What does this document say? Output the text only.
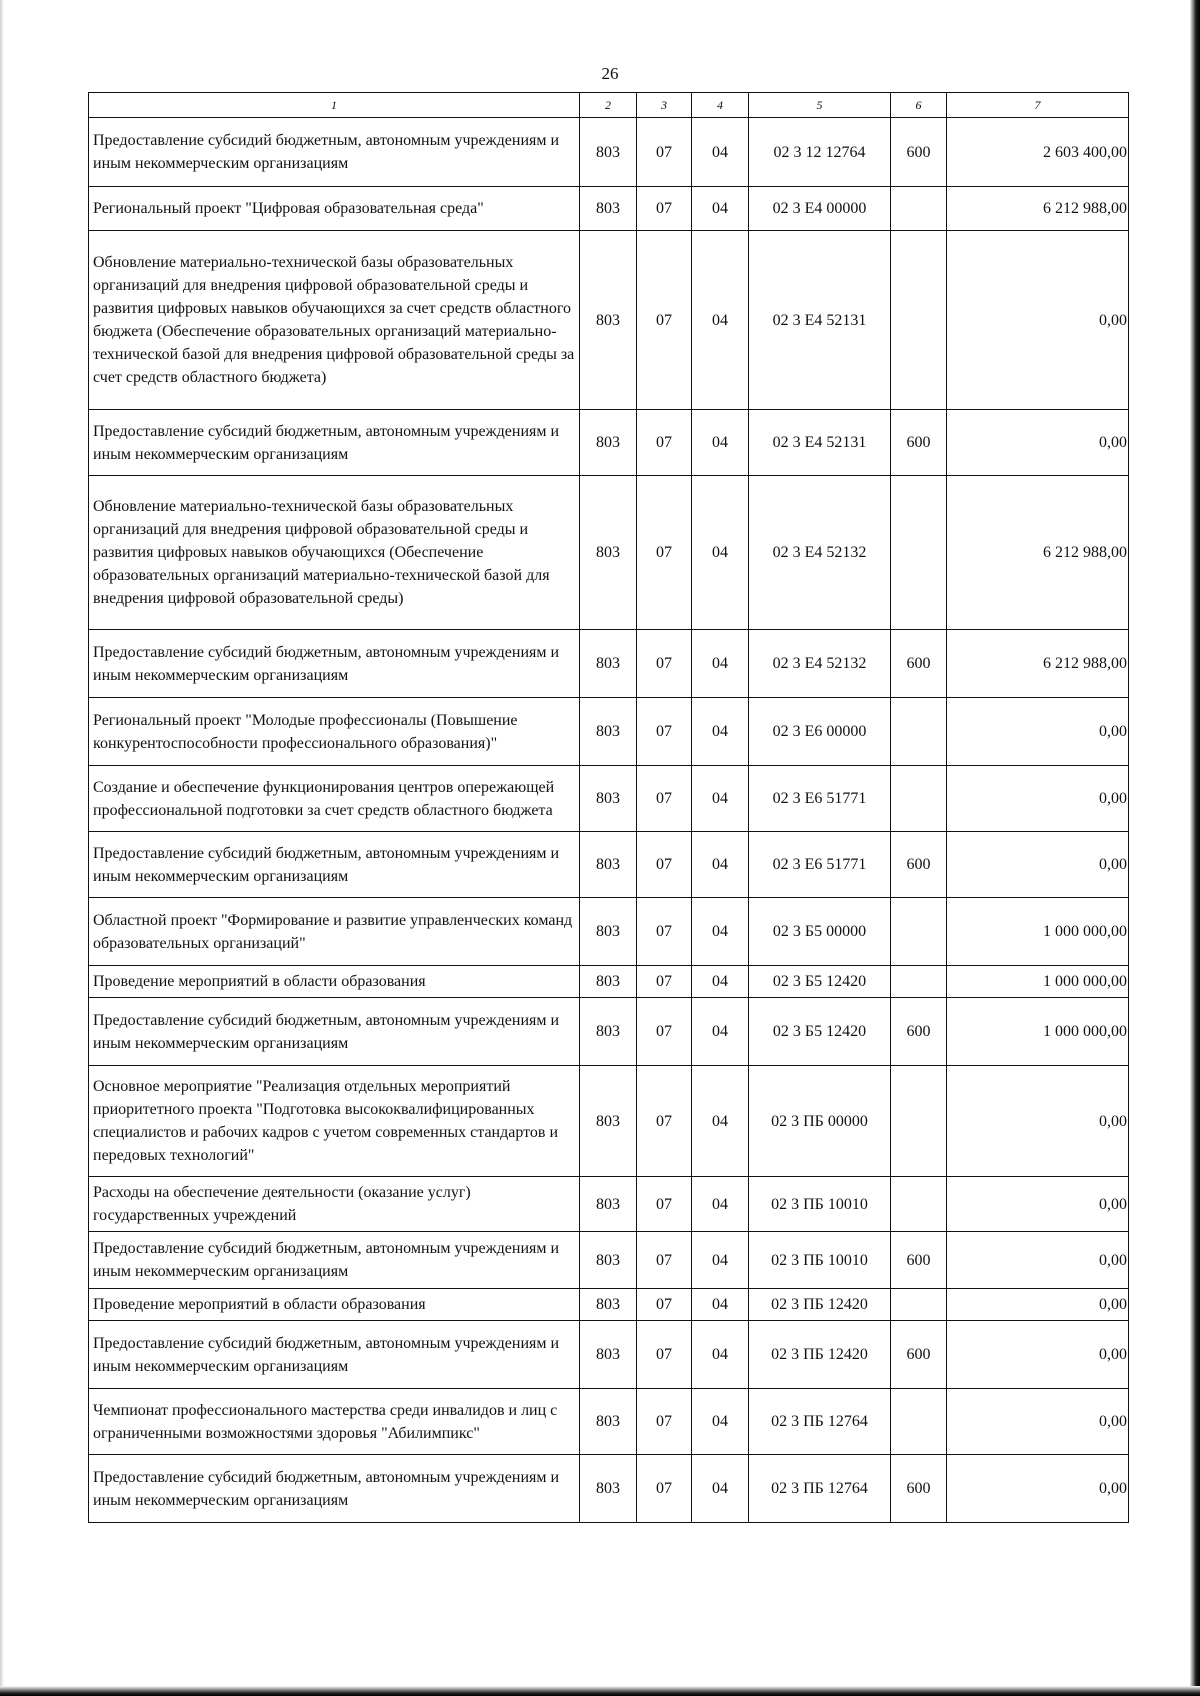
26
1	2	3	4	5	6	7
Предоставление субсидий бюджетным, автономным учреждениям и иным некоммерческим организациям	803	07	04	02 3 12 12764	600	2 603 400,00
Региональный проект "Цифровая образовательная среда"	803	07	04	02 3 E4 00000		6 212 988,00
Обновление материально-технической базы образовательных организаций для внедрения цифровой образовательной среды и развития цифровых навыков обучающихся за счет средств областного бюджета (Обеспечение образовательных организаций материально-технической базой для внедрения цифровой образовательной среды за счет средств областного бюджета)	803	07	04	02 3 E4 52131		0,00
Предоставление субсидий бюджетным, автономным учреждениям и иным некоммерческим организациям	803	07	04	02 3 E4 52131	600	0,00
Обновление материально-технической базы образовательных организаций для внедрения цифровой образовательной среды и развития цифровых навыков обучающихся (Обеспечение образовательных организаций материально-технической базой для внедрения цифровой образовательной среды)	803	07	04	02 3 E4 52132		6 212 988,00
Предоставление субсидий бюджетным, автономным учреждениям и иным некоммерческим организациям	803	07	04	02 3 E4 52132	600	6 212 988,00
Региональный проект "Молодые профессионалы (Повышение конкурентоспособности профессионального образования)"	803	07	04	02 3 E6 00000		0,00
Создание и обеспечение функционирования центров опережающей профессиональной подготовки за счет средств областного бюджета	803	07	04	02 3 E6 51771		0,00
Предоставление субсидий бюджетным, автономным учреждениям и иным некоммерческим организациям	803	07	04	02 3 E6 51771	600	0,00
Областной проект "Формирование и развитие управленческих команд образовательных организаций"	803	07	04	02 3 Б5 00000		1 000 000,00
Проведение мероприятий в области образования	803	07	04	02 3 Б5 12420		1 000 000,00
Предоставление субсидий бюджетным, автономным учреждениям и иным некоммерческим организациям	803	07	04	02 3 Б5 12420	600	1 000 000,00
Основное мероприятие "Реализация отдельных мероприятий приоритетного проекта "Подготовка высококвалифицированных специалистов и рабочих кадров с учетом современных стандартов и передовых технологий"	803	07	04	02 3 ПБ 00000		0,00
Расходы на обеспечение деятельности (оказание услуг) государственных учреждений	803	07	04	02 3 ПБ 10010		0,00
Предоставление субсидий бюджетным, автономным учреждениям и иным некоммерческим организациям	803	07	04	02 3 ПБ 10010	600	0,00
Проведение мероприятий в области образования	803	07	04	02 3 ПБ 12420		0,00
Предоставление субсидий бюджетным, автономным учреждениям и иным некоммерческим организациям	803	07	04	02 3 ПБ 12420	600	0,00
Чемпионат профессионального мастерства среди инвалидов и лиц с ограниченными возможностями здоровья "Абилимпикс"	803	07	04	02 3 ПБ 12764		0,00
Предоставление субсидий бюджетным, автономным учреждениям и иным некоммерческим организациям	803	07	04	02 3 ПБ 12764	600	0,00
